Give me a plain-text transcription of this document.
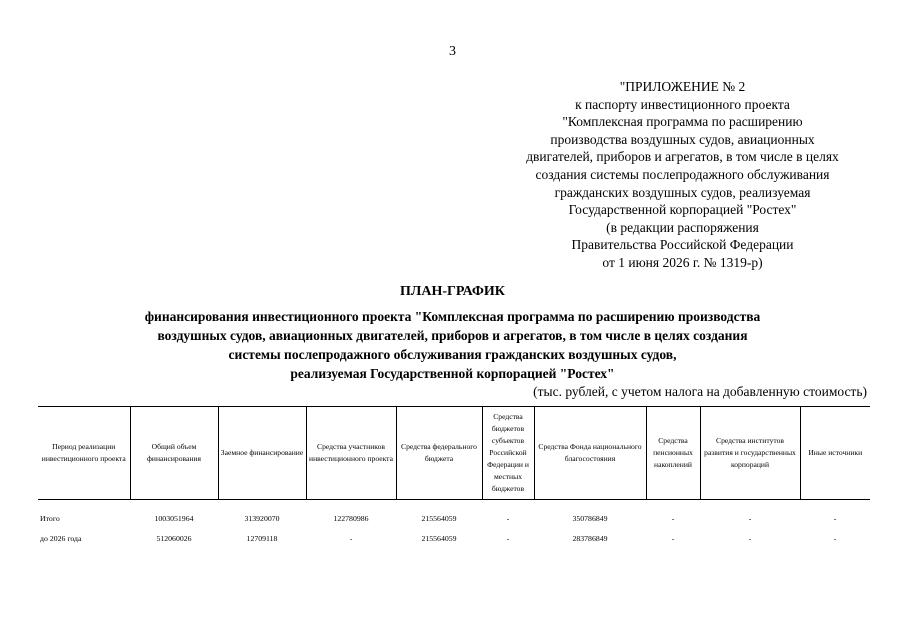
3
"ПРИЛОЖЕНИЕ № 2
к паспорту инвестиционного проекта
"Комплексная программа по расширению
производства воздушных судов, авиационных
двигателей, приборов и агрегатов, в том числе в целях
создания системы послепродажного обслуживания
гражданских воздушных судов, реализуемая
Государственной корпорацией "Ростех"
(в редакции распоряжения
Правительства Российской Федерации
от 1 июня 2026 г. № 1319-р)
ПЛАН-ГРАФИК
финансирования инвестиционного проекта "Комплексная программа по расширению производства
воздушных судов, авиационных двигателей, приборов и агрегатов, в том числе в целях создания
системы послепродажного обслуживания гражданских воздушных судов,
реализуемая Государственной корпорацией "Ростех"
(тыс. рублей, с учетом налога на добавленную стоимость)
Период реализации инвестиционного проекта	Общий объем финансирования	Заемное финансирование	Средства участников инвестиционного проекта	Средства федерального бюджета	Средства бюджетов субъектов Российской Федерации и местных бюджетов	Средства Фонда национального благосостояния	Средства пенсионных накоплений	Средства институтов развития и государственных корпораций	Иные источники

Итого	1003051964	313920070	122780986	215564059	-	350786849	-	-	-
до 2026 года	512060026	12709118	-	215564059	-	283786849	-	-	-
